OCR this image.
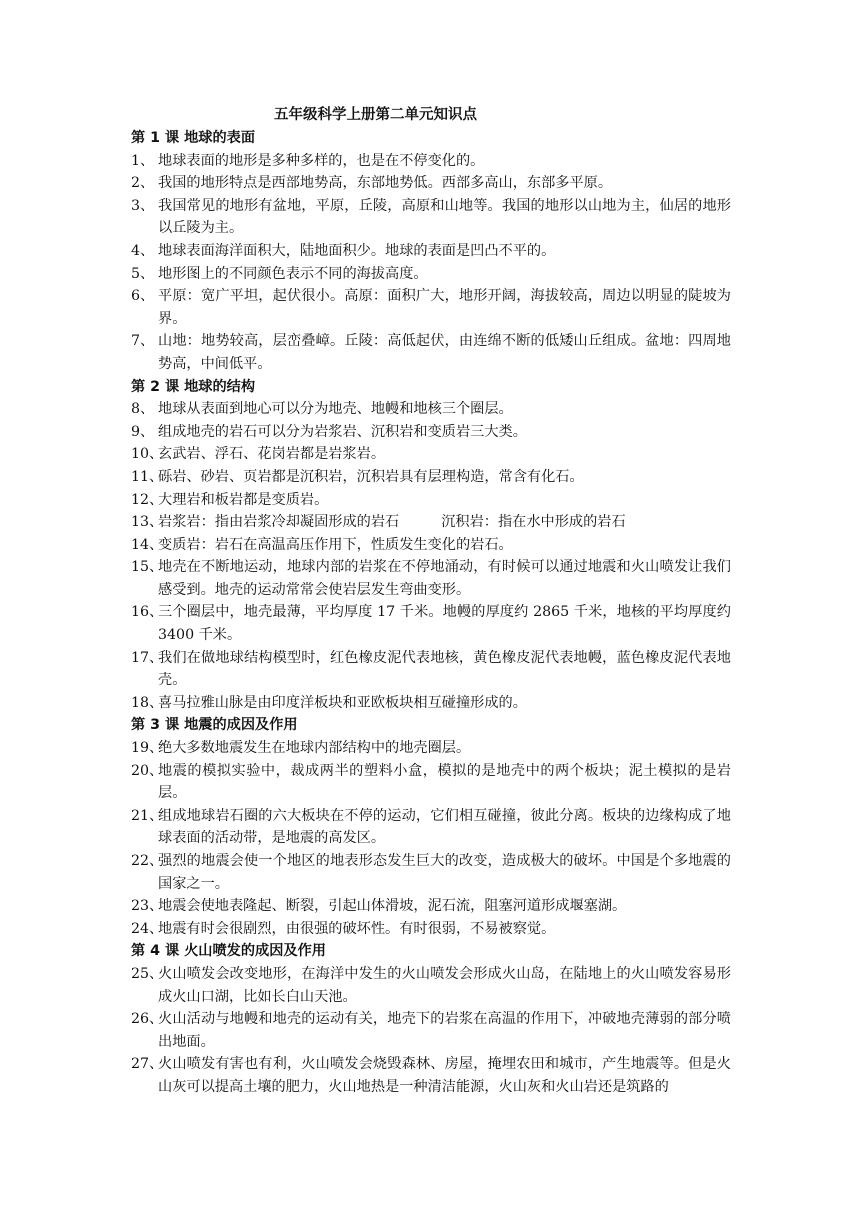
五年级科学上册第二单元知识点
第 1 课 地球的表面
1、 地球表面的地形是多种多样的，也是在不停变化的。
2、 我国的地形特点是西部地势高，东部地势低。西部多高山，东部多平原。
3、 我国常见的地形有盆地，平原，丘陵，高原和山地等。我国的地形以山地为主，仙居的地形以丘陵为主。
4、 地球表面海洋面积大，陆地面积少。地球的表面是凹凸不平的。
5、 地形图上的不同颜色表示不同的海拔高度。
6、 平原：宽广平坦，起伏很小。高原：面积广大，地形开阔，海拔较高，周边以明显的陡坡为界。
7、 山地：地势较高，层峦叠嶂。丘陵：高低起伏，由连绵不断的低矮山丘组成。盆地：四周地势高，中间低平。
第 2 课 地球的结构
8、 地球从表面到地心可以分为地壳、地幔和地核三个圈层。
9、 组成地壳的岩石可以分为岩浆岩、沉积岩和变质岩三大类。
10、
玄武岩、浮石、花岗岩都是岩浆岩。
11、
砾岩、砂岩、页岩都是沉积岩，沉积岩具有层理构造，常含有化石。
12、
大理岩和板岩都是变质岩。
13、
岩浆岩：指由岩浆冷却凝固形成的岩石	沉积岩：指在水中形成的岩石
14、
变质岩：岩石在高温高压作用下，性质发生变化的岩石。
15、
地壳在不断地运动，地球内部的岩浆在不停地涌动，有时候可以通过地震和火山喷发让我们感受到。地壳的运动常常会使岩层发生弯曲变形。
16、
三个圈层中，地壳最薄，平均厚度 17 千米。地幔的厚度约 2865 千米，地核的平均厚度约 3400 千米。
17、
我们在做地球结构模型时，红色橡皮泥代表地核，黄色橡皮泥代表地幔，蓝色橡皮泥代表地壳。
18、
喜马拉雅山脉是由印度洋板块和亚欧板块相互碰撞形成的。
第 3 课 地震的成因及作用
19、
绝大多数地震发生在地球内部结构中的地壳圈层。
20、
地震的模拟实验中，裁成两半的塑料小盒，模拟的是地壳中的两个板块；泥土模拟的是岩层。
21、
组成地球岩石圈的六大板块在不停的运动，它们相互碰撞，彼此分离。板块的边缘构成了地球表面的活动带，是地震的高发区。
22、
强烈的地震会使一个地区的地表形态发生巨大的改变，造成极大的破坏。中国是个多地震的国家之一。
23、
地震会使地表隆起、断裂，引起山体滑坡，泥石流，阻塞河道形成堰塞湖。
24、
地震有时会很剧烈，由很强的破坏性。有时很弱，不易被察觉。
第 4 课 火山喷发的成因及作用
25、
火山喷发会改变地形，在海洋中发生的火山喷发会形成火山岛，在陆地上的火山喷发容易形成火山口湖，比如长白山天池。
26、
火山活动与地幔和地壳的运动有关，地壳下的岩浆在高温的作用下，冲破地壳薄弱的部分喷出地面。
27、
火山喷发有害也有利，火山喷发会烧毁森林、房屋，掩埋农田和城市，产生地震等。但是火山灰可以提高土壤的肥力，火山地热是一种清洁能源，火山灰和火山岩还是筑路的
